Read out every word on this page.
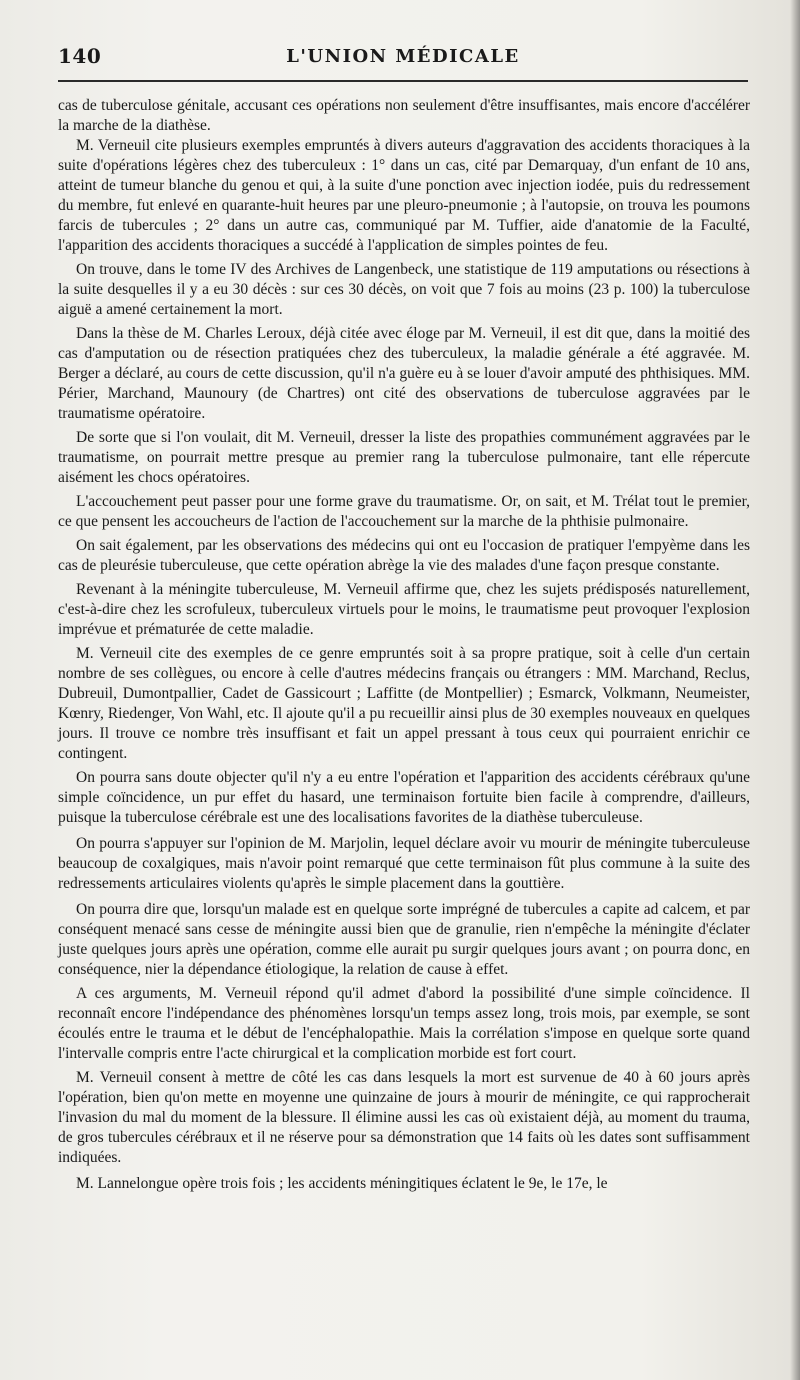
140	L'UNION MÉDICALE

cas de tuberculose génitale, accusant ces opérations non seulement d'être insuffisantes, mais encore d'accélérer la marche de la diathèse.

M. Verneuil cite plusieurs exemples empruntés à divers auteurs d'aggravation des accidents thoraciques à la suite d'opérations légères chez des tuberculeux : 1° dans un cas, cité par Demarquay, d'un enfant de 10 ans, atteint de tumeur blanche du genou et qui, à la suite d'une ponction avec injection iodée, puis du redressement du membre, fut enlevé en quarante-huit heures par une pleuro-pneumonie ; à l'autopsie, on trouva les poumons farcis de tubercules ; 2° dans un autre cas, communiqué par M. Tuffier, aide d'anatomie de la Faculté, l'apparition des accidents thoraciques a succédé à l'application de simples pointes de feu.

On trouve, dans le tome IV des Archives de Langenbeck, une statistique de 119 amputations ou résections à la suite desquelles il y a eu 30 décès : sur ces 30 décès, on voit que 7 fois au moins (23 p. 100) la tuberculose aiguë a amené certainement la mort.

Dans la thèse de M. Charles Leroux, déjà citée avec éloge par M. Verneuil, il est dit que, dans la moitié des cas d'amputation ou de résection pratiquées chez des tuberculeux, la maladie générale a été aggravée. M. Berger a déclaré, au cours de cette discussion, qu'il n'a guère eu à se louer d'avoir amputé des phthisiques. MM. Périer, Marchand, Maunoury (de Chartres) ont cité des observations de tuberculose aggravées par le traumatisme opératoire.

De sorte que si l'on voulait, dit M. Verneuil, dresser la liste des propathies communément aggravées par le traumatisme, on pourrait mettre presque au premier rang la tuberculose pulmonaire, tant elle répercute aisément les chocs opératoires.

L'accouchement peut passer pour une forme grave du traumatisme. Or, on sait, et M. Trélat tout le premier, ce que pensent les accoucheurs de l'action de l'accouchement sur la marche de la phthisie pulmonaire.

On sait également, par les observations des médecins qui ont eu l'occasion de pratiquer l'empyème dans les cas de pleurésie tuberculeuse, que cette opération abrège la vie des malades d'une façon presque constante.

Revenant à la méningite tuberculeuse, M. Verneuil affirme que, chez les sujets prédisposés naturellement, c'est-à-dire chez les scrofuleux, tuberculeux virtuels pour le moins, le traumatisme peut provoquer l'explosion imprévue et prématurée de cette maladie.

M. Verneuil cite des exemples de ce genre empruntés soit à sa propre pratique, soit à celle d'un certain nombre de ses collègues, ou encore à celle d'autres médecins français ou étrangers : MM. Marchand, Reclus, Dubreuil, Dumontpallier, Cadet de Gassicourt ; Laffitte (de Montpellier) ; Esmarck, Volkmann, Neumeister, Kœnry, Riedenger, Von Wahl, etc. Il ajoute qu'il a pu recueillir ainsi plus de 30 exemples nouveaux en quelques jours. Il trouve ce nombre très insuffisant et fait un appel pressant à tous ceux qui pourraient enrichir ce contingent.

On pourra sans doute objecter qu'il n'y a eu entre l'opération et l'apparition des accidents cérébraux qu'une simple coïncidence, un pur effet du hasard, une terminaison fortuite bien facile à comprendre, d'ailleurs, puisque la tuberculose cérébrale est une des localisations favorites de la diathèse tuberculeuse.

On pourra s'appuyer sur l'opinion de M. Marjolin, lequel déclare avoir vu mourir de méningite tuberculeuse beaucoup de coxalgiques, mais n'avoir point remarqué que cette terminaison fût plus commune à la suite des redressements articulaires violents qu'après le simple placement dans la gouttière.

On pourra dire que, lorsqu'un malade est en quelque sorte imprégné de tubercules a capite ad calcem, et par conséquent menacé sans cesse de méningite aussi bien que de granulie, rien n'empêche la méningite d'éclater juste quelques jours après une opération, comme elle aurait pu surgir quelques jours avant ; on pourra donc, en conséquence, nier la dépendance étiologique, la relation de cause à effet.

A ces arguments, M. Verneuil répond qu'il admet d'abord la possibilité d'une simple coïncidence. Il reconnaît encore l'indépendance des phénomènes lorsqu'un temps assez long, trois mois, par exemple, se sont écoulés entre le trauma et le début de l'encéphalopathie. Mais la corrélation s'impose en quelque sorte quand l'intervalle compris entre l'acte chirurgical et la complication morbide est fort court.

M. Verneuil consent à mettre de côté les cas dans lesquels la mort est survenue de 40 à 60 jours après l'opération, bien qu'on mette en moyenne une quinzaine de jours à mourir de méningite, ce qui rapprocherait l'invasion du mal du moment de la blessure. Il élimine aussi les cas où existaient déjà, au moment du trauma, de gros tubercules cérébraux et il ne réserve pour sa démonstration que 14 faits où les dates sont suffisamment indiquées.

M. Lannelongue opère trois fois ; les accidents méningitiques éclatent le 9e, le 17e, le
